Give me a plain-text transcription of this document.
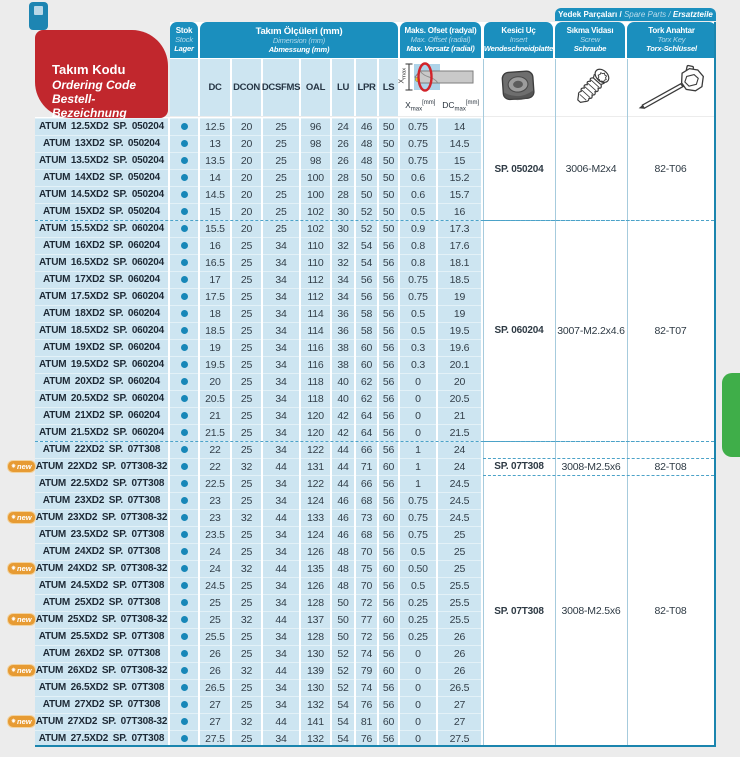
Takım Kodu
Ordering Code
Bestell-Bezeichnung
Yedek Parçaları / Spare Parts / Ersatzteile
Stok
Stock
Lager
Takım Ölçüleri (mm)
Dimension (mm)
Abmessung (mm)
Maks. Ofset (radyal)
Max. Offset (radial)
Max. Versatz (radial)
Kesici Uç
Insert
Wendeschneidplatte
Sıkma Vidası
Screw
Schraube
Tork Anahtar
Torx Key
Torx-Schlüssel
DC	DCON DCSFMS OAL	LU LPR LS
$X_{max}$
$X_{max}[mm]$ $DC_{max}[mm]$
ATUM 12.5XD2 SP. 050204	12.5	20	25	96	24	46	50	0.75	14
ATUM 13XD2 SP. 050204	13	20	25	98	26	48	50	0.75	14.5
ATUM 13.5XD2 SP. 050204	13.5	20	25	98	26	48	50	0.75	15
ATUM 14XD2 SP. 050204	14	20	25	100	28	50	50	0.6	15.2
ATUM 14.5XD2 SP. 050204	14.5	20	25	100	28	50	50	0.6	15.7
ATUM 15XD2 SP. 050204	15	20	25	102	30	52	50	0.5	16
ATUM 15.5XD2 SP. 060204	15.5	20	25	102	30	52	50	0.9	17.3
ATUM 16XD2 SP. 060204	16	25	34	110	32	54	56	0.8	17.6
ATUM 16.5XD2 SP. 060204	16.5	25	34	110	32	54	56	0.8	18.1
ATUM 17XD2 SP. 060204	17	25	34	112	34	56	56	0.75	18.5
ATUM 17.5XD2 SP. 060204	17.5	25	34	112	34	56	56	0.75	19
ATUM 18XD2 SP. 060204	18	25	34	114	36	58	56	0.5	19
ATUM 18.5XD2 SP. 060204	18.5	25	34	114	36	58	56	0.5	19.5
ATUM 19XD2 SP. 060204	19	25	34	116	38	60	56	0.3	19.6
ATUM 19.5XD2 SP. 060204	19.5	25	34	116	38	60	56	0.3	20.1
ATUM 20XD2 SP. 060204	20	25	34	118	40	62	56	0	20
ATUM 20.5XD2 SP. 060204	20.5	25	34	118	40	62	56	0	20.5
ATUM 21XD2 SP. 060204	21	25	34	120	42	64	56	0	21
ATUM 21.5XD2 SP. 060204	21.5	25	34	120	42	64	56	0	21.5
ATUM 22XD2 SP. 07T308	22	25	34	122	44	66	56	1	24
✷ new ATUM 22XD2 SP. 07T308-32	22	32	44	131	44	71	60	1	24
ATUM 22.5XD2 SP. 07T308	22.5	25	34	122	44	66	56	1	24.5
ATUM 23XD2 SP. 07T308	23	25	34	124	46	68	56	0.75	24.5
✷ new ATUM 23XD2 SP. 07T308-32	23	32	44	133	46	73	60	0.75	24.5
ATUM 23.5XD2 SP. 07T308	23.5	25	34	124	46	68	56	0.75	25
ATUM 24XD2 SP. 07T308	24	25	34	126	48	70	56	0.5	25
✷ new ATUM 24XD2 SP. 07T308-32	24	32	44	135	48	75	60	0.50	25
ATUM 24.5XD2 SP. 07T308	24.5	25	34	126	48	70	56	0.5	25.5
ATUM 25XD2 SP. 07T308	25	25	34	128	50	72	56	0.25	25.5
✷ new ATUM 25XD2 SP. 07T308-32	25	32	44	137	50	77	60	0.25	25.5
ATUM 25.5XD2 SP. 07T308	25.5	25	34	128	50	72	56	0.25	26
ATUM 26XD2 SP. 07T308	26	25	34	130	52	74	56	0	26
✷ new ATUM 26XD2 SP. 07T308-32	26	32	44	139	52	79	60	0	26
ATUM 26.5XD2 SP. 07T308	26.5	25	34	130	52	74	56	0	26.5
ATUM 27XD2 SP. 07T308	27	25	34	132	54	76	56	0	27
✷ new ATUM 27XD2 SP. 07T308-32	27	32	44	141	54	81	60	0	27
ATUM 27.5XD2 SP. 07T308	27.5	25	34	132	54	76	56	0	27.5
SP. 050204	3006-M2x4	82-T06
SP. 060204	3007-M2.2x4.6	82-T07
SP. 07T308	3008-M2.5x6	82-T08
SP. 07T308	3008-M2.5x6	82-T08
